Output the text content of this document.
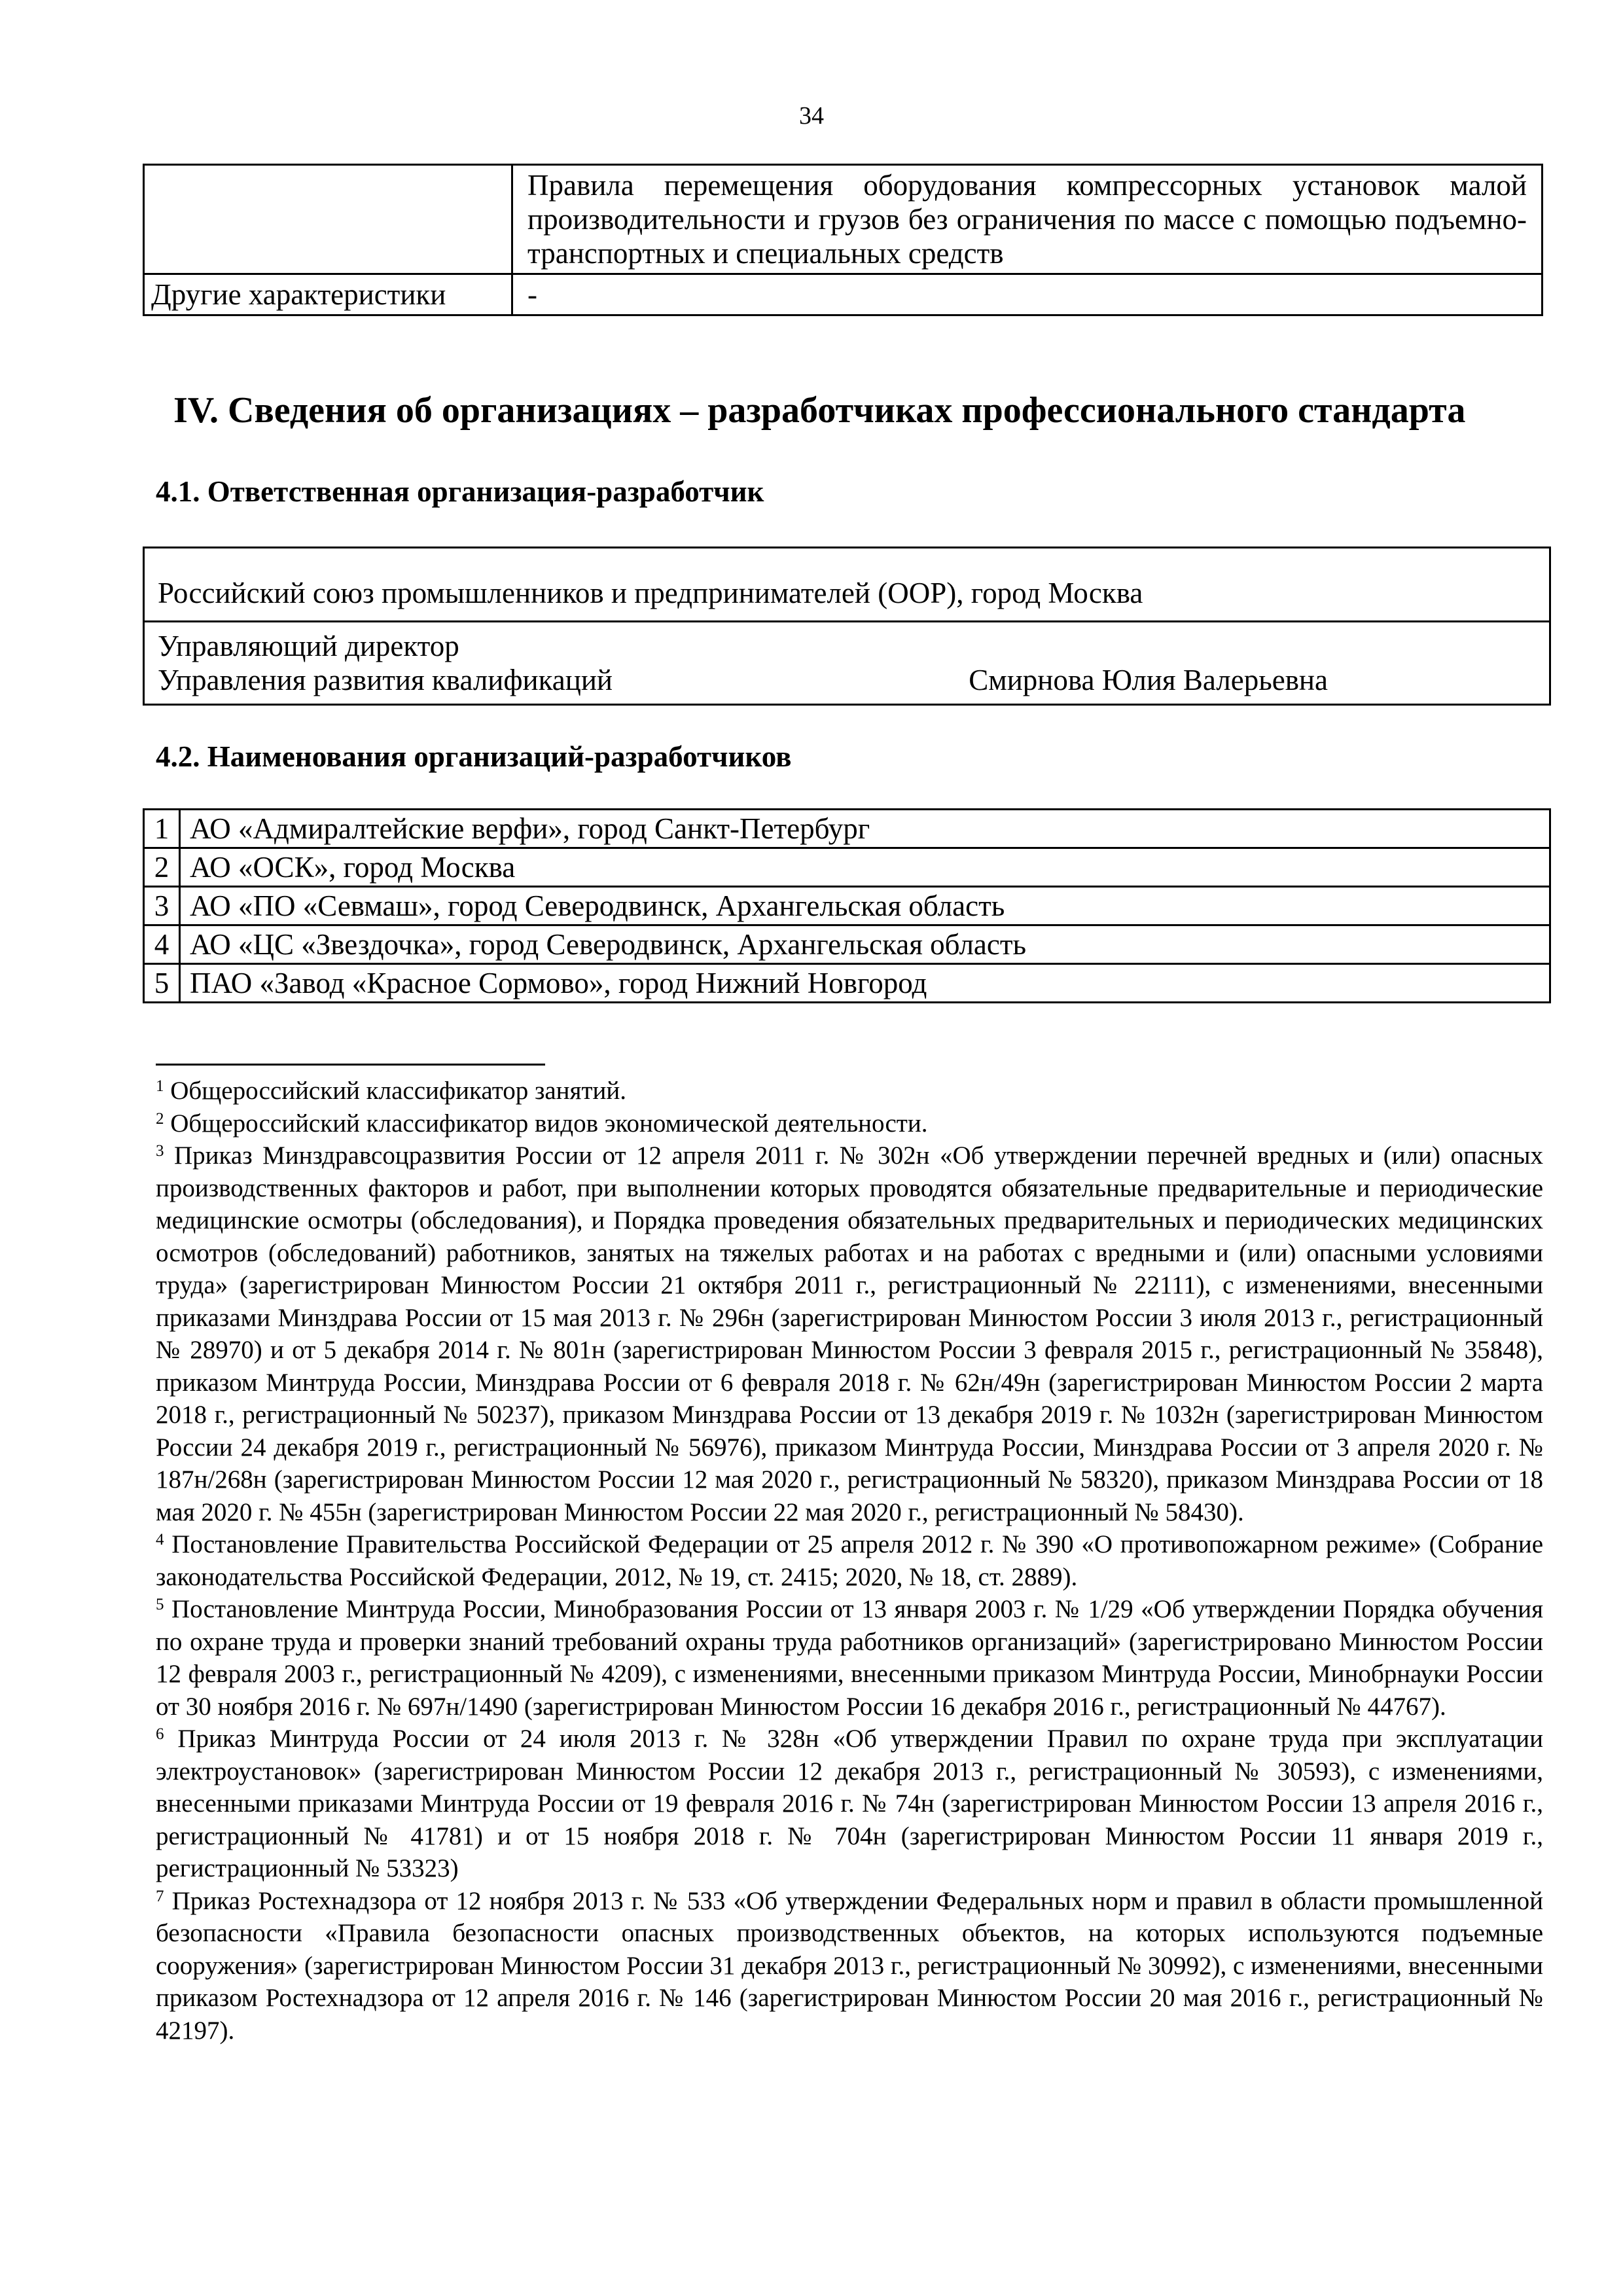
34
	Правила перемещения оборудования компрессорных установок малой производительности и грузов без ограничения по массе с помощью подъемно-транспортных и специальных средств
Другие характеристики	-
IV. Сведения об организациях – разработчиках профессионального стандарта
4.1. Ответственная организация-разработчик
Российский союз промышленников и предпринимателей (ООР), город Москва

Управляющий директор
Управления развития квалификаций	Смирнова Юлия Валерьевна
4.2. Наименования организаций-разработчиков
1	АО «Адмиралтейские верфи», город Санкт-Петербург
2	АО «ОСК», город Москва
3	АО «ПО «Севмаш», город Северодвинск, Архангельская область
4	АО «ЦС «Звездочка», город Северодвинск, Архангельская область
5	ПАО «Завод «Красное Сормово», город Нижний Новгород

$^1$ Общероссийский классификатор занятий.

$^2$ Общероссийский классификатор видов экономической деятельности.

$^3$ Приказ Минздравсоцразвития России от 12 апреля 2011 г. № 302н «Об утверждении перечней вредных и (или) опасных производственных факторов и работ, при выполнении которых проводятся обязательные предварительные и периодические медицинские осмотры (обследования), и Порядка проведения обязательных предварительных и периодических медицинских осмотров (обследований) работников, занятых на тяжелых работах и на работах с вредными и (или) опасными условиями труда» (зарегистрирован Минюстом России 21 октября 2011 г., регистрационный № 22111), с изменениями, внесенными приказами Минздрава России от 15 мая 2013 г. № 296н (зарегистрирован Минюстом России 3 июля 2013 г., регистрационный № 28970) и от 5 декабря 2014 г. № 801н (зарегистрирован Минюстом России 3 февраля 2015 г., регистрационный № 35848), приказом Минтруда России, Минздрава России от 6 февраля 2018 г. № 62н/49н (зарегистрирован Минюстом России 2 марта 2018 г., регистрационный № 50237), приказом Минздрава России от 13 декабря 2019 г. № 1032н (зарегистрирован Минюстом России 24 декабря 2019 г., регистрационный № 56976), приказом Минтруда России, Минздрава России от 3 апреля 2020 г. № 187н/268н (зарегистрирован Минюстом России 12 мая 2020 г., регистрационный № 58320), приказом Минздрава России от 18 мая 2020 г. № 455н (зарегистрирован Минюстом России 22 мая 2020 г., регистрационный № 58430).

$^4$ Постановление Правительства Российской Федерации от 25 апреля 2012 г. № 390 «О противопожарном режиме» (Собрание законодательства Российской Федерации, 2012, № 19, ст. 2415; 2020, № 18, ст. 2889).

$^5$ Постановление Минтруда России, Минобразования России от 13 января 2003 г. № 1/29 «Об утверждении Порядка обучения по охране труда и проверки знаний требований охраны труда работников организаций» (зарегистрировано Минюстом России 12 февраля 2003 г., регистрационный № 4209), с изменениями, внесенными приказом Минтруда России, Минобрнауки России от 30 ноября 2016 г. № 697н/1490 (зарегистрирован Минюстом России 16 декабря 2016 г., регистрационный № 44767).

$^6$ Приказ Минтруда России от 24 июля 2013 г. № 328н «Об утверждении Правил по охране труда при эксплуатации электроустановок» (зарегистрирован Минюстом России 12 декабря 2013 г., регистрационный № 30593), с изменениями, внесенными приказами Минтруда России от 19 февраля 2016 г. № 74н (зарегистрирован Минюстом России 13 апреля 2016 г., регистрационный № 41781) и от 15 ноября 2018 г. № 704н (зарегистрирован Минюстом России 11 января 2019 г., регистрационный № 53323)

$^7$ Приказ Ростехнадзора от 12 ноября 2013 г. № 533 «Об утверждении Федеральных норм и правил в области промышленной безопасности «Правила безопасности опасных производственных объектов, на которых используются подъемные сооружения» (зарегистрирован Минюстом России 31 декабря 2013 г., регистрационный № 30992), с изменениями, внесенными приказом Ростехнадзора от 12 апреля 2016 г. № 146 (зарегистрирован Минюстом России 20 мая 2016 г., регистрационный № 42197).
